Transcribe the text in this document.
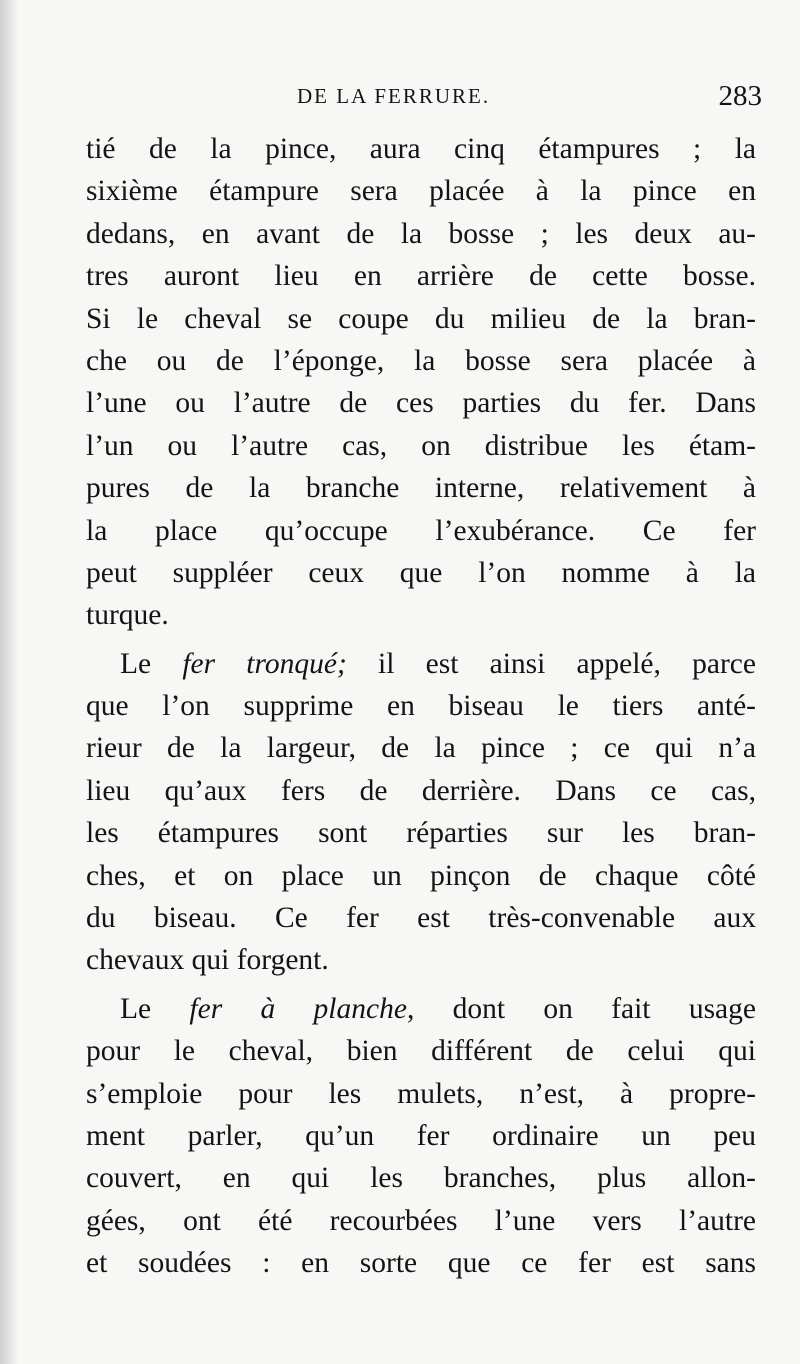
DE LA FERRURE.	283
tié de la pince, aura cinq étampures ; la
sixième étampure sera placée à la pince en
dedans, en avant de la bosse ; les deux au-
tres auront lieu en arrière de cette bosse.
Si le cheval se coupe du milieu de la bran-
che ou de l’éponge, la bosse sera placée à
l’une ou l’autre de ces parties du fer. Dans
l’un ou l’autre cas, on distribue les étam-
pures de la branche interne, relativement à
la place qu’occupe l’exubérance. Ce fer
peut suppléer ceux que l’on nomme à la
turque.
Le fer tronqué; il est ainsi appelé, parce
que l’on supprime en biseau le tiers anté-
rieur de la largeur, de la pince ; ce qui n’a
lieu qu’aux fers de derrière. Dans ce cas,
les étampures sont réparties sur les bran-
ches, et on place un pinçon de chaque côté
du biseau. Ce fer est très-convenable aux
chevaux qui forgent.
Le fer à planche, dont on fait usage
pour le cheval, bien différent de celui qui
s’emploie pour les mulets, n’est, à propre-
ment parler, qu’un fer ordinaire un peu
couvert, en qui les branches, plus allon-
gées, ont été recourbées l’une vers l’autre
et soudées : en sorte que ce fer est sans
